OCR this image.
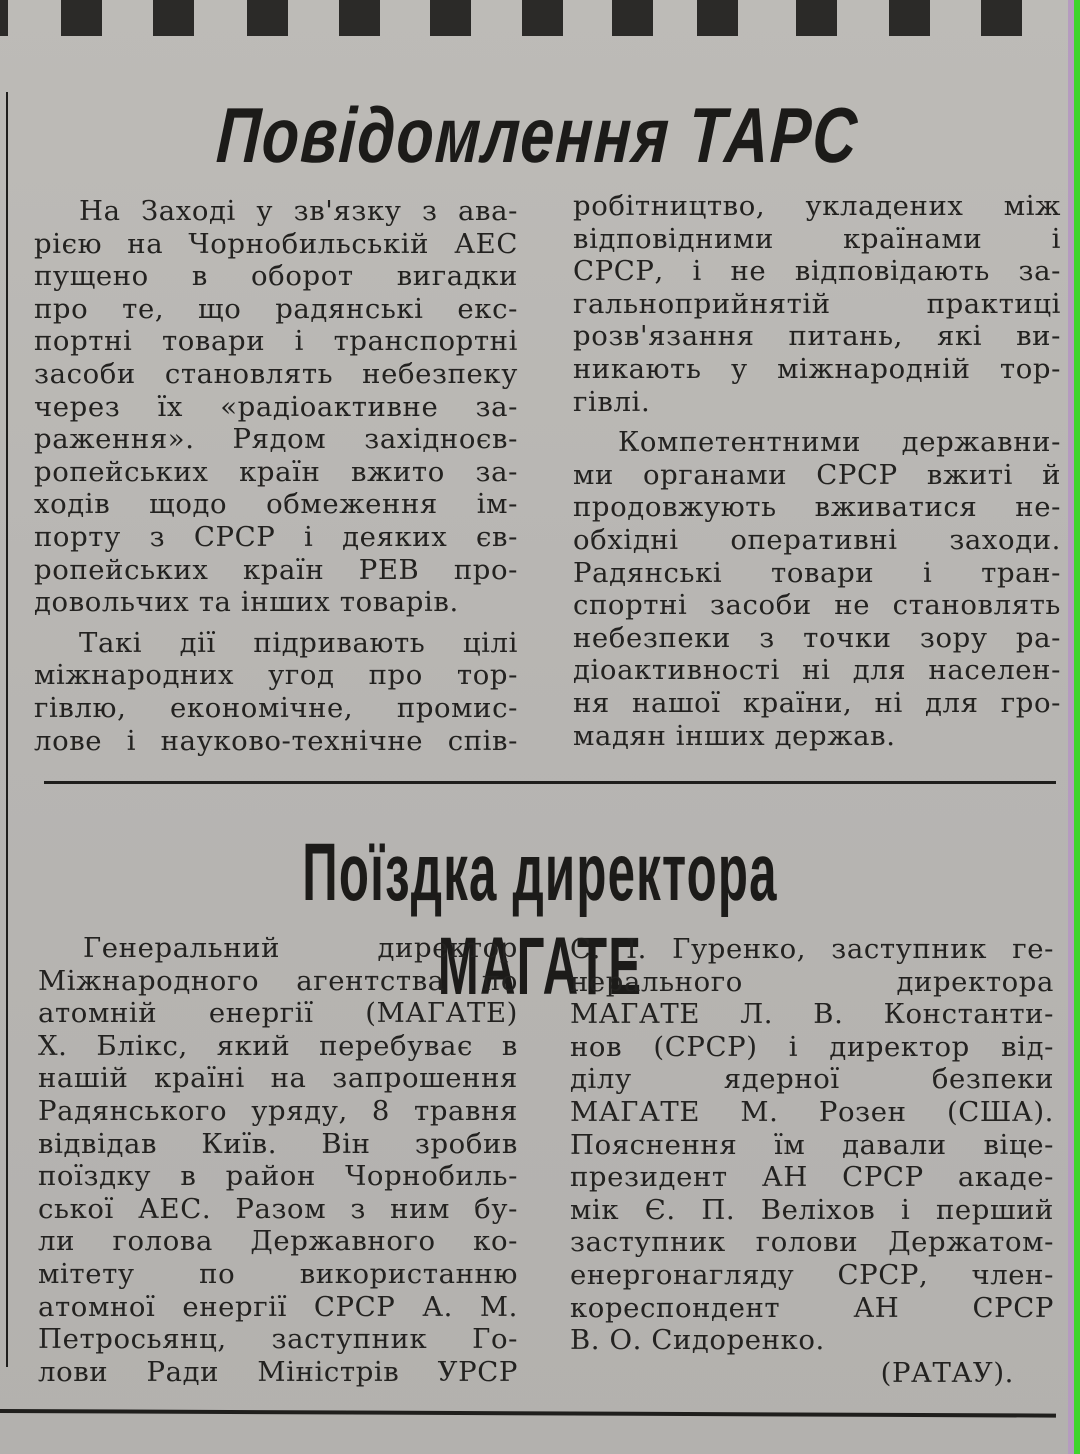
Повідомлення ТАРС
На Заході у зв'язку з ава-
рією на Чорнобильській АЕС
пущено в оборот вигадки
про те, що радянські екс-
портні товари і транспортні
засоби становлять небезпеку
через їх «радіоактивне за-
раження». Рядом західноєв-
ропейських країн вжито за-
ходів щодо обмеження ім-
порту з СРСР і деяких єв-
ропейських країн РЕВ про-
довольчих та інших товарів.
Такі дії підривають цілі
міжнародних угод про тор-
гівлю, економічне, промис-
лове і науково-технічне спів-
робітництво, укладених між
відповідними країнами і
СРСР, і не відповідають за-
гальноприйнятій практиці
розв'язання питань, які ви-
никають у міжнародній тор-
гівлі.
Компетентними державни-
ми органами СРСР вжиті й
продовжують вживатися не-
обхідні оперативні заходи.
Радянські товари і тран-
спортні засоби не становлять
небезпеки з точки зору ра-
діоактивності ні для населен-
ня нашої країни, ні для гро-
мадян інших держав.
Поїздка директора МАГАТЕ
Генеральний директор
Міжнародного агентства по
атомній енергії (МАГАТЕ)
Х. Блікс, який перебуває в
нашій країні на запрошення
Радянського уряду, 8 травня
відвідав Київ. Він зробив
поїздку в район Чорнобиль-
ської АЕС. Разом з ним бу-
ли голова Державного ко-
мітету по використанню
атомної енергії СРСР А. М.
Петросьянц, заступник Го-
лови Ради Міністрів УРСР
С. І. Гуренко, заступник ге-
нерального директора
МАГАТЕ Л. В. Константи-
нов (СРСР) і директор від-
ділу ядерної безпеки
МАГАТЕ М. Розен (США).
Пояснення їм давали віце-
президент АН СРСР акаде-
мік Є. П. Веліхов і перший
заступник голови Держатом-
енергонагляду СРСР, член-
кореспондент АН СРСР
В. О. Сидоренко.
(РАТАУ).
